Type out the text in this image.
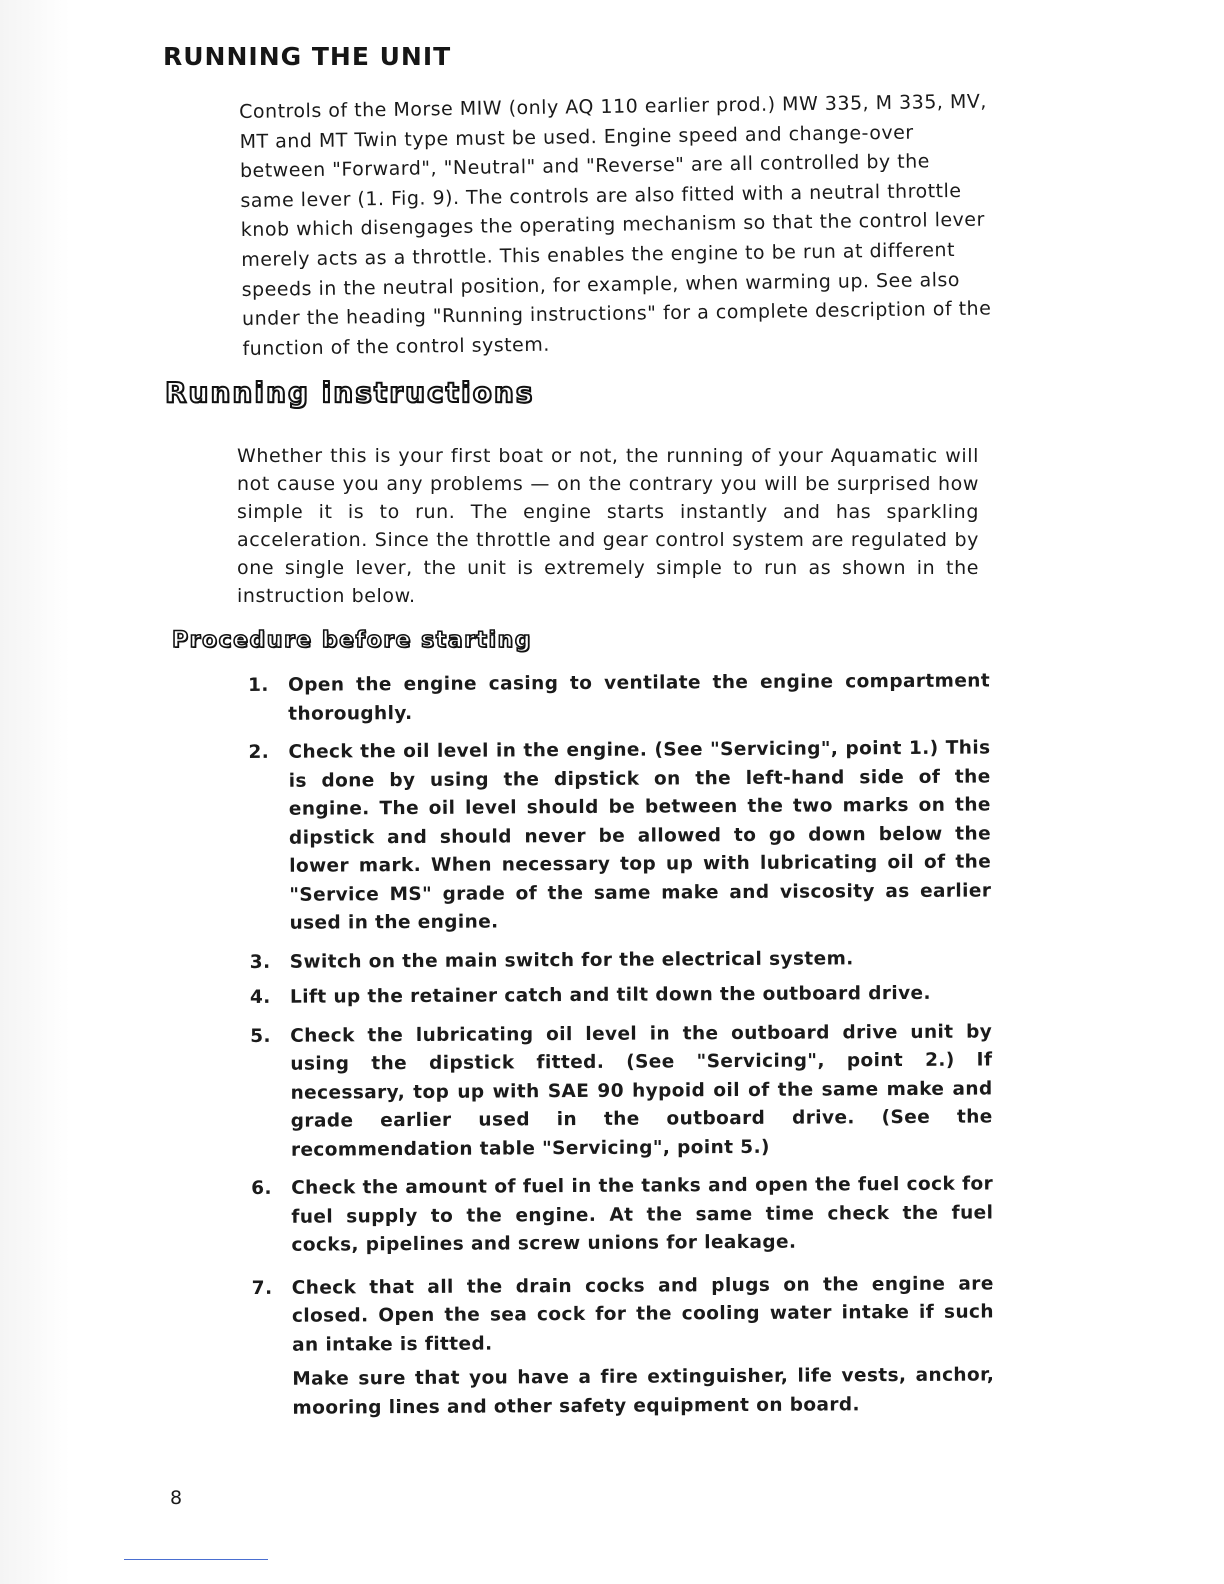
RUNNING THE UNIT

Controls of the Morse MIW (only AQ 110 earlier prod.) MW 335, M 335, MV, MT and MT Twin type must be used. Engine speed and change-over between "Forward", "Neutral" and "Reverse" are all controlled by the same lever (1. Fig. 9). The controls are also fitted with a neutral throttle knob which disengages the operating mechanism so that the control lever merely acts as a throttle. This enables the engine to be run at different speeds in the neutral position, for example, when warming up. See also under the heading "Running instructions" for a complete description of the function of the control system.

Running instructions

Whether this is your first boat or not, the running of your Aquamatic will not cause you any problems — on the contrary you will be surprised how simple it is to run. The engine starts instantly and has sparkling acceleration. Since the throttle and gear control system are regulated by one single lever, the unit is extremely simple to run as shown in the instruction below.

Procedure before starting
1. Open the engine casing to ventilate the engine compartment thoroughly.
2. Check the oil level in the engine. (See "Servicing", point 1.) This is done by using the dipstick on the left-hand side of the engine. The oil level should be between the two marks on the dipstick and should never be allowed to go down below the lower mark. When necessary top up with lubricating oil of the "Service MS" grade of the same make and viscosity as earlier used in the engine.
3. Switch on the main switch for the electrical system.
4. Lift up the retainer catch and tilt down the outboard drive.
5. Check the lubricating oil level in the outboard drive unit by using the dipstick fitted. (See "Servicing", point 2.) If necessary, top up with SAE 90 hypoid oil of the same make and grade earlier used in the outboard drive. (See the recommendation table "Servicing", point 5.)
6. Check the amount of fuel in the tanks and open the fuel cock for fuel supply to the engine. At the same time check the fuel cocks, pipelines and screw unions for leakage.
7. Check that all the drain cocks and plugs on the engine are closed. Open the sea cock for the cooling water intake if such an intake is fitted.
Make sure that you have a fire extinguisher, life vests, anchor, mooring lines and other safety equipment on board.

8
